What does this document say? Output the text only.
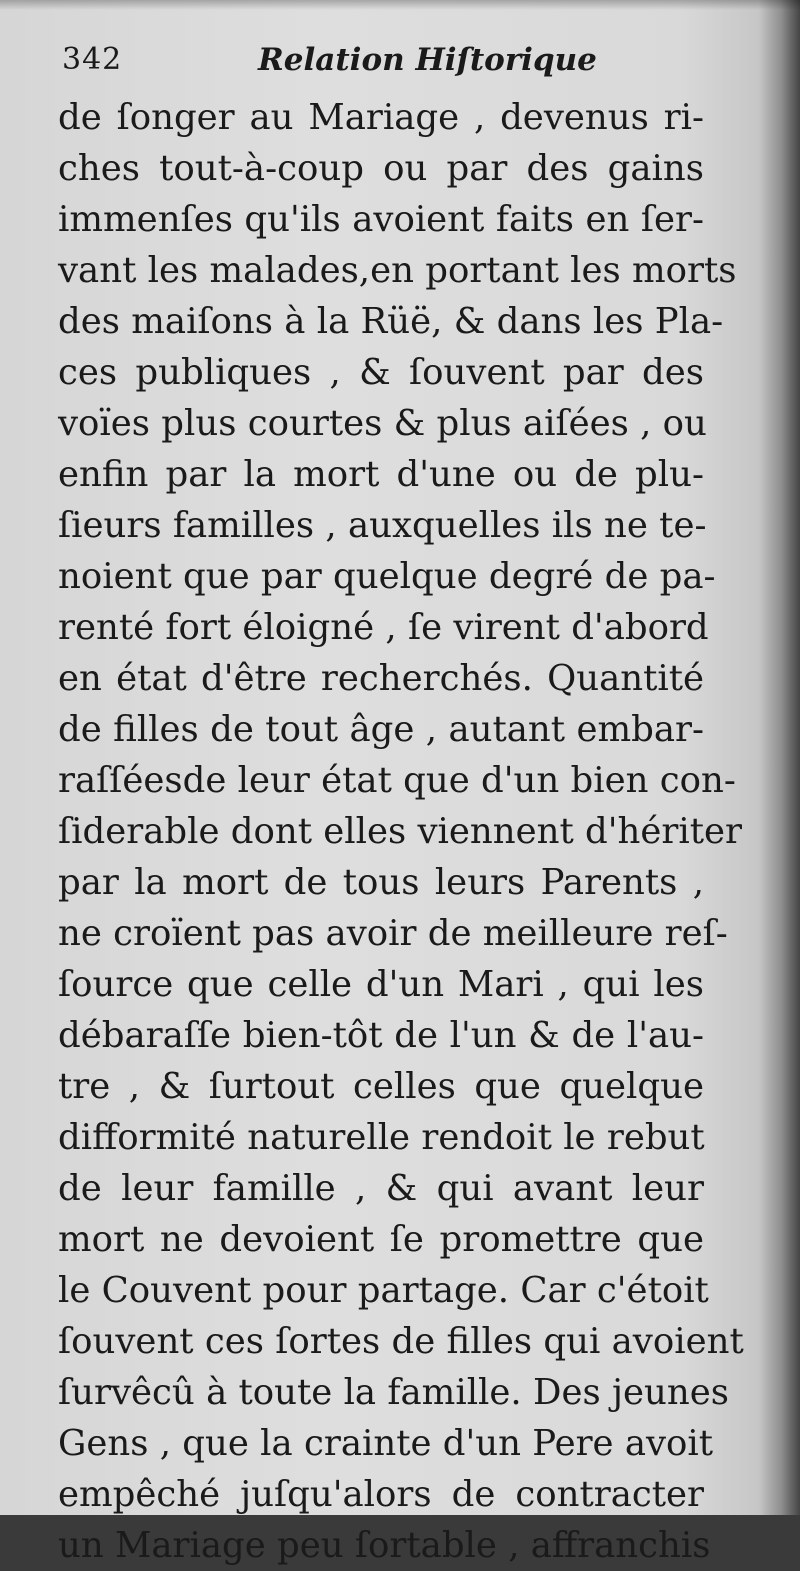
342	Relation Hiſtorique
de ſonger au Mariage , devenus ri-
ches tout-à-coup ou par des gains
immenſes qu'ils avoient faits en ſer-
vant les malades,en portant les morts
des maiſons à la Rüë, & dans les Pla-
ces publiques , & ſouvent par des
voïes plus courtes & plus aiſées , ou
enfin par la mort d'une ou de plu-
ſieurs familles , auxquelles ils ne te-
noient que par quelque degré de pa-
renté fort éloigné , ſe virent d'abord
en état d'être recherchés. Quantité
de filles de tout âge , autant embar-
raſſéesde leur état que d'un bien con-
ſiderable dont elles viennent d'hériter
par la mort de tous leurs Parents ,
ne croïent pas avoir de meilleure reſ-
ſource que celle d'un Mari , qui les
débaraſſe bien-tôt de l'un & de l'au-
tre , & ſurtout celles que quelque
difformité naturelle rendoit le rebut
de leur famille , & qui avant leur
mort ne devoient ſe promettre que
le Couvent pour partage. Car c'étoit
ſouvent ces ſortes de filles qui avoient
ſurvêcû à toute la famille. Des jeunes
Gens , que la crainte d'un Pere avoit
empêché juſqu'alors de contracter
un Mariage peu ſortable , affranchis
